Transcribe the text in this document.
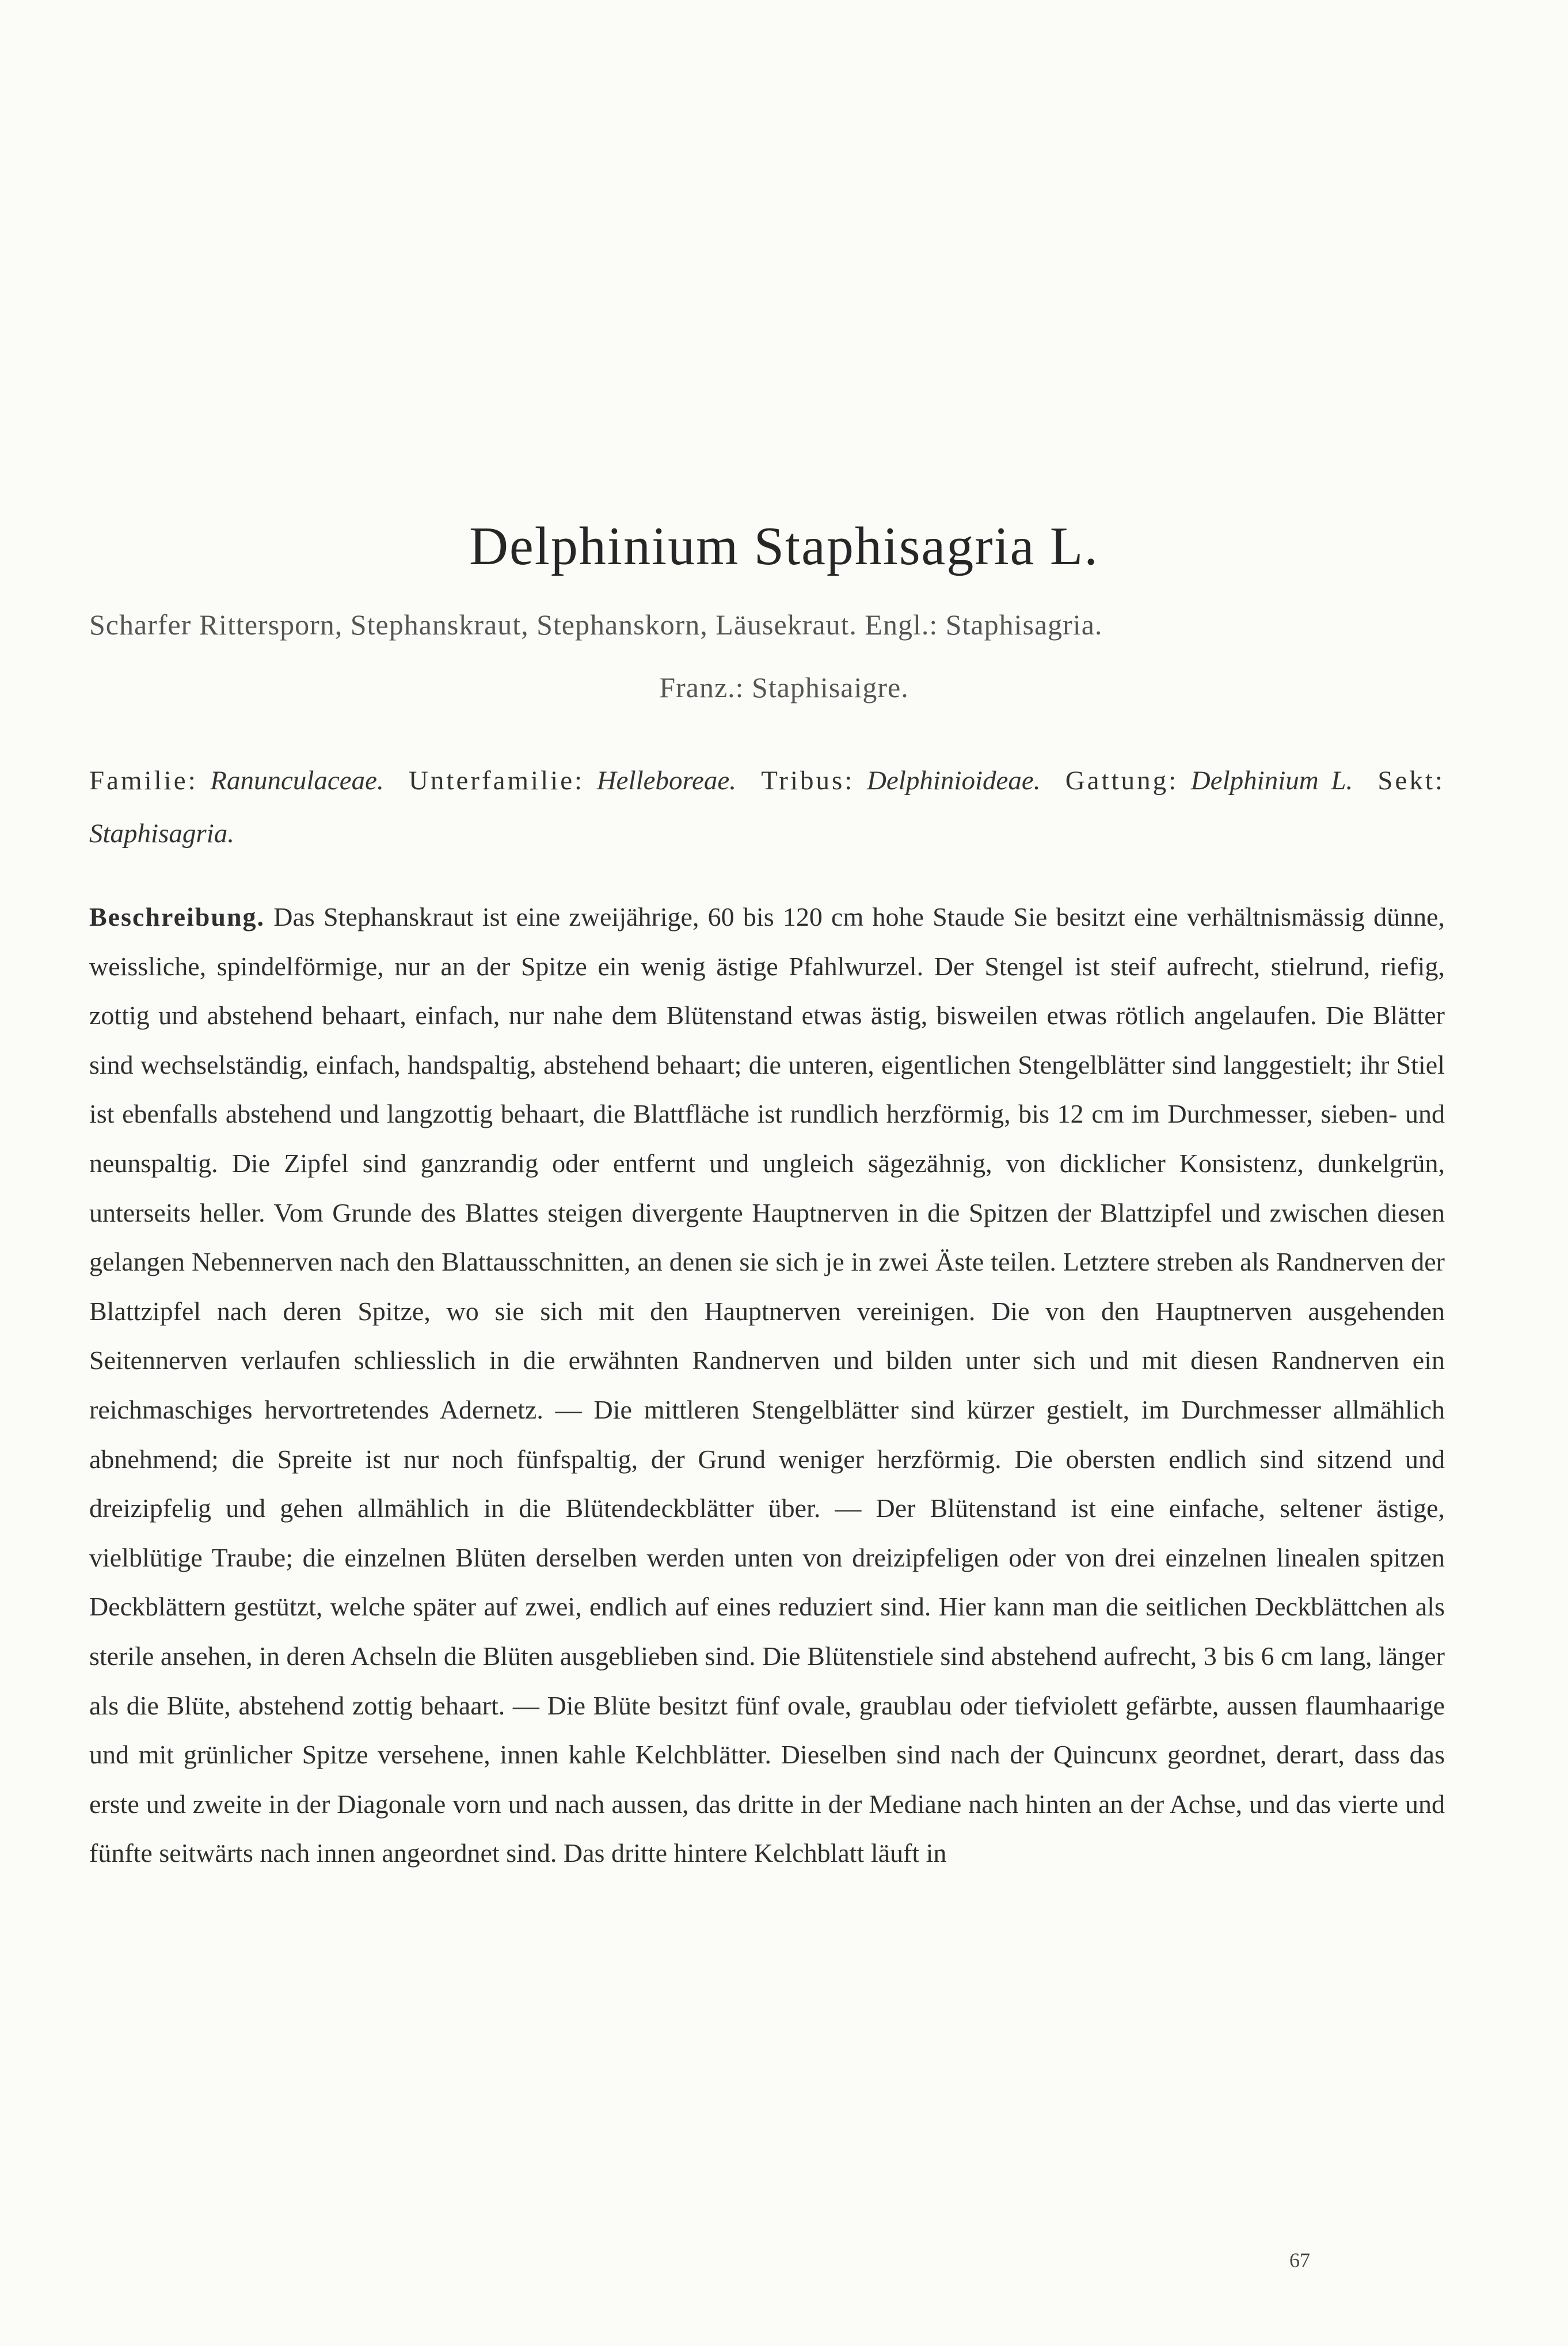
Delphinium Staphisagria L.
Scharfer Rittersporn, Stephanskraut, Stephanskorn, Läusekraut. Engl.: Staphisagria.
Franz.: Staphisaigre.
Familie: Ranunculaceae. Unterfamilie: Helleboreae. Tribus: Delphinioideae. Gattung: Delphinium L. Sekt: Staphisagria.
Beschreibung. Das Stephanskraut ist eine zweijährige, 60 bis 120 cm hohe Staude Sie besitzt eine verhältnismässig dünne, weissliche, spindelförmige, nur an der Spitze ein wenig ästige Pfahlwurzel. Der Stengel ist steif aufrecht, stielrund, riefig, zottig und abstehend behaart, einfach, nur nahe dem Blütenstand etwas ästig, bisweilen etwas rötlich angelaufen. Die Blätter sind wechselständig, einfach, handspaltig, abstehend behaart; die unteren, eigentlichen Stengelblätter sind langgestielt; ihr Stiel ist ebenfalls abstehend und langzottig behaart, die Blattfläche ist rundlich herzförmig, bis 12 cm im Durchmesser, sieben- und neunspaltig. Die Zipfel sind ganzrandig oder entfernt und ungleich sägezähnig, von dicklicher Konsistenz, dunkelgrün, unterseits heller. Vom Grunde des Blattes steigen divergente Hauptnerven in die Spitzen der Blattzipfel und zwischen diesen gelangen Nebennerven nach den Blattausschnitten, an denen sie sich je in zwei Äste teilen. Letztere streben als Randnerven der Blattzipfel nach deren Spitze, wo sie sich mit den Hauptnerven vereinigen. Die von den Hauptnerven ausgehenden Seitennerven verlaufen schliesslich in die erwähnten Randnerven und bilden unter sich und mit diesen Randnerven ein reichmaschiges hervortretendes Adernetz. — Die mittleren Stengelblätter sind kürzer gestielt, im Durchmesser allmählich abnehmend; die Spreite ist nur noch fünfspaltig, der Grund weniger herzförmig. Die obersten endlich sind sitzend und dreizipfelig und gehen allmählich in die Blütendeckblätter über. — Der Blütenstand ist eine einfache, seltener ästige, vielblütige Traube; die einzelnen Blüten derselben werden unten von dreizipfeligen oder von drei einzelnen linealen spitzen Deckblättern gestützt, welche später auf zwei, endlich auf eines reduziert sind. Hier kann man die seitlichen Deckblättchen als sterile ansehen, in deren Achseln die Blüten ausgeblieben sind. Die Blütenstiele sind abstehend aufrecht, 3 bis 6 cm lang, länger als die Blüte, abstehend zottig behaart. — Die Blüte besitzt fünf ovale, graublau oder tiefviolett gefärbte, aussen flaumhaarige und mit grünlicher Spitze versehene, innen kahle Kelchblätter. Dieselben sind nach der Quincunx geordnet, derart, dass das erste und zweite in der Diagonale vorn und nach aussen, das dritte in der Mediane nach hinten an der Achse, und das vierte und fünfte seitwärts nach innen angeordnet sind. Das dritte hintere Kelchblatt läuft in
67
